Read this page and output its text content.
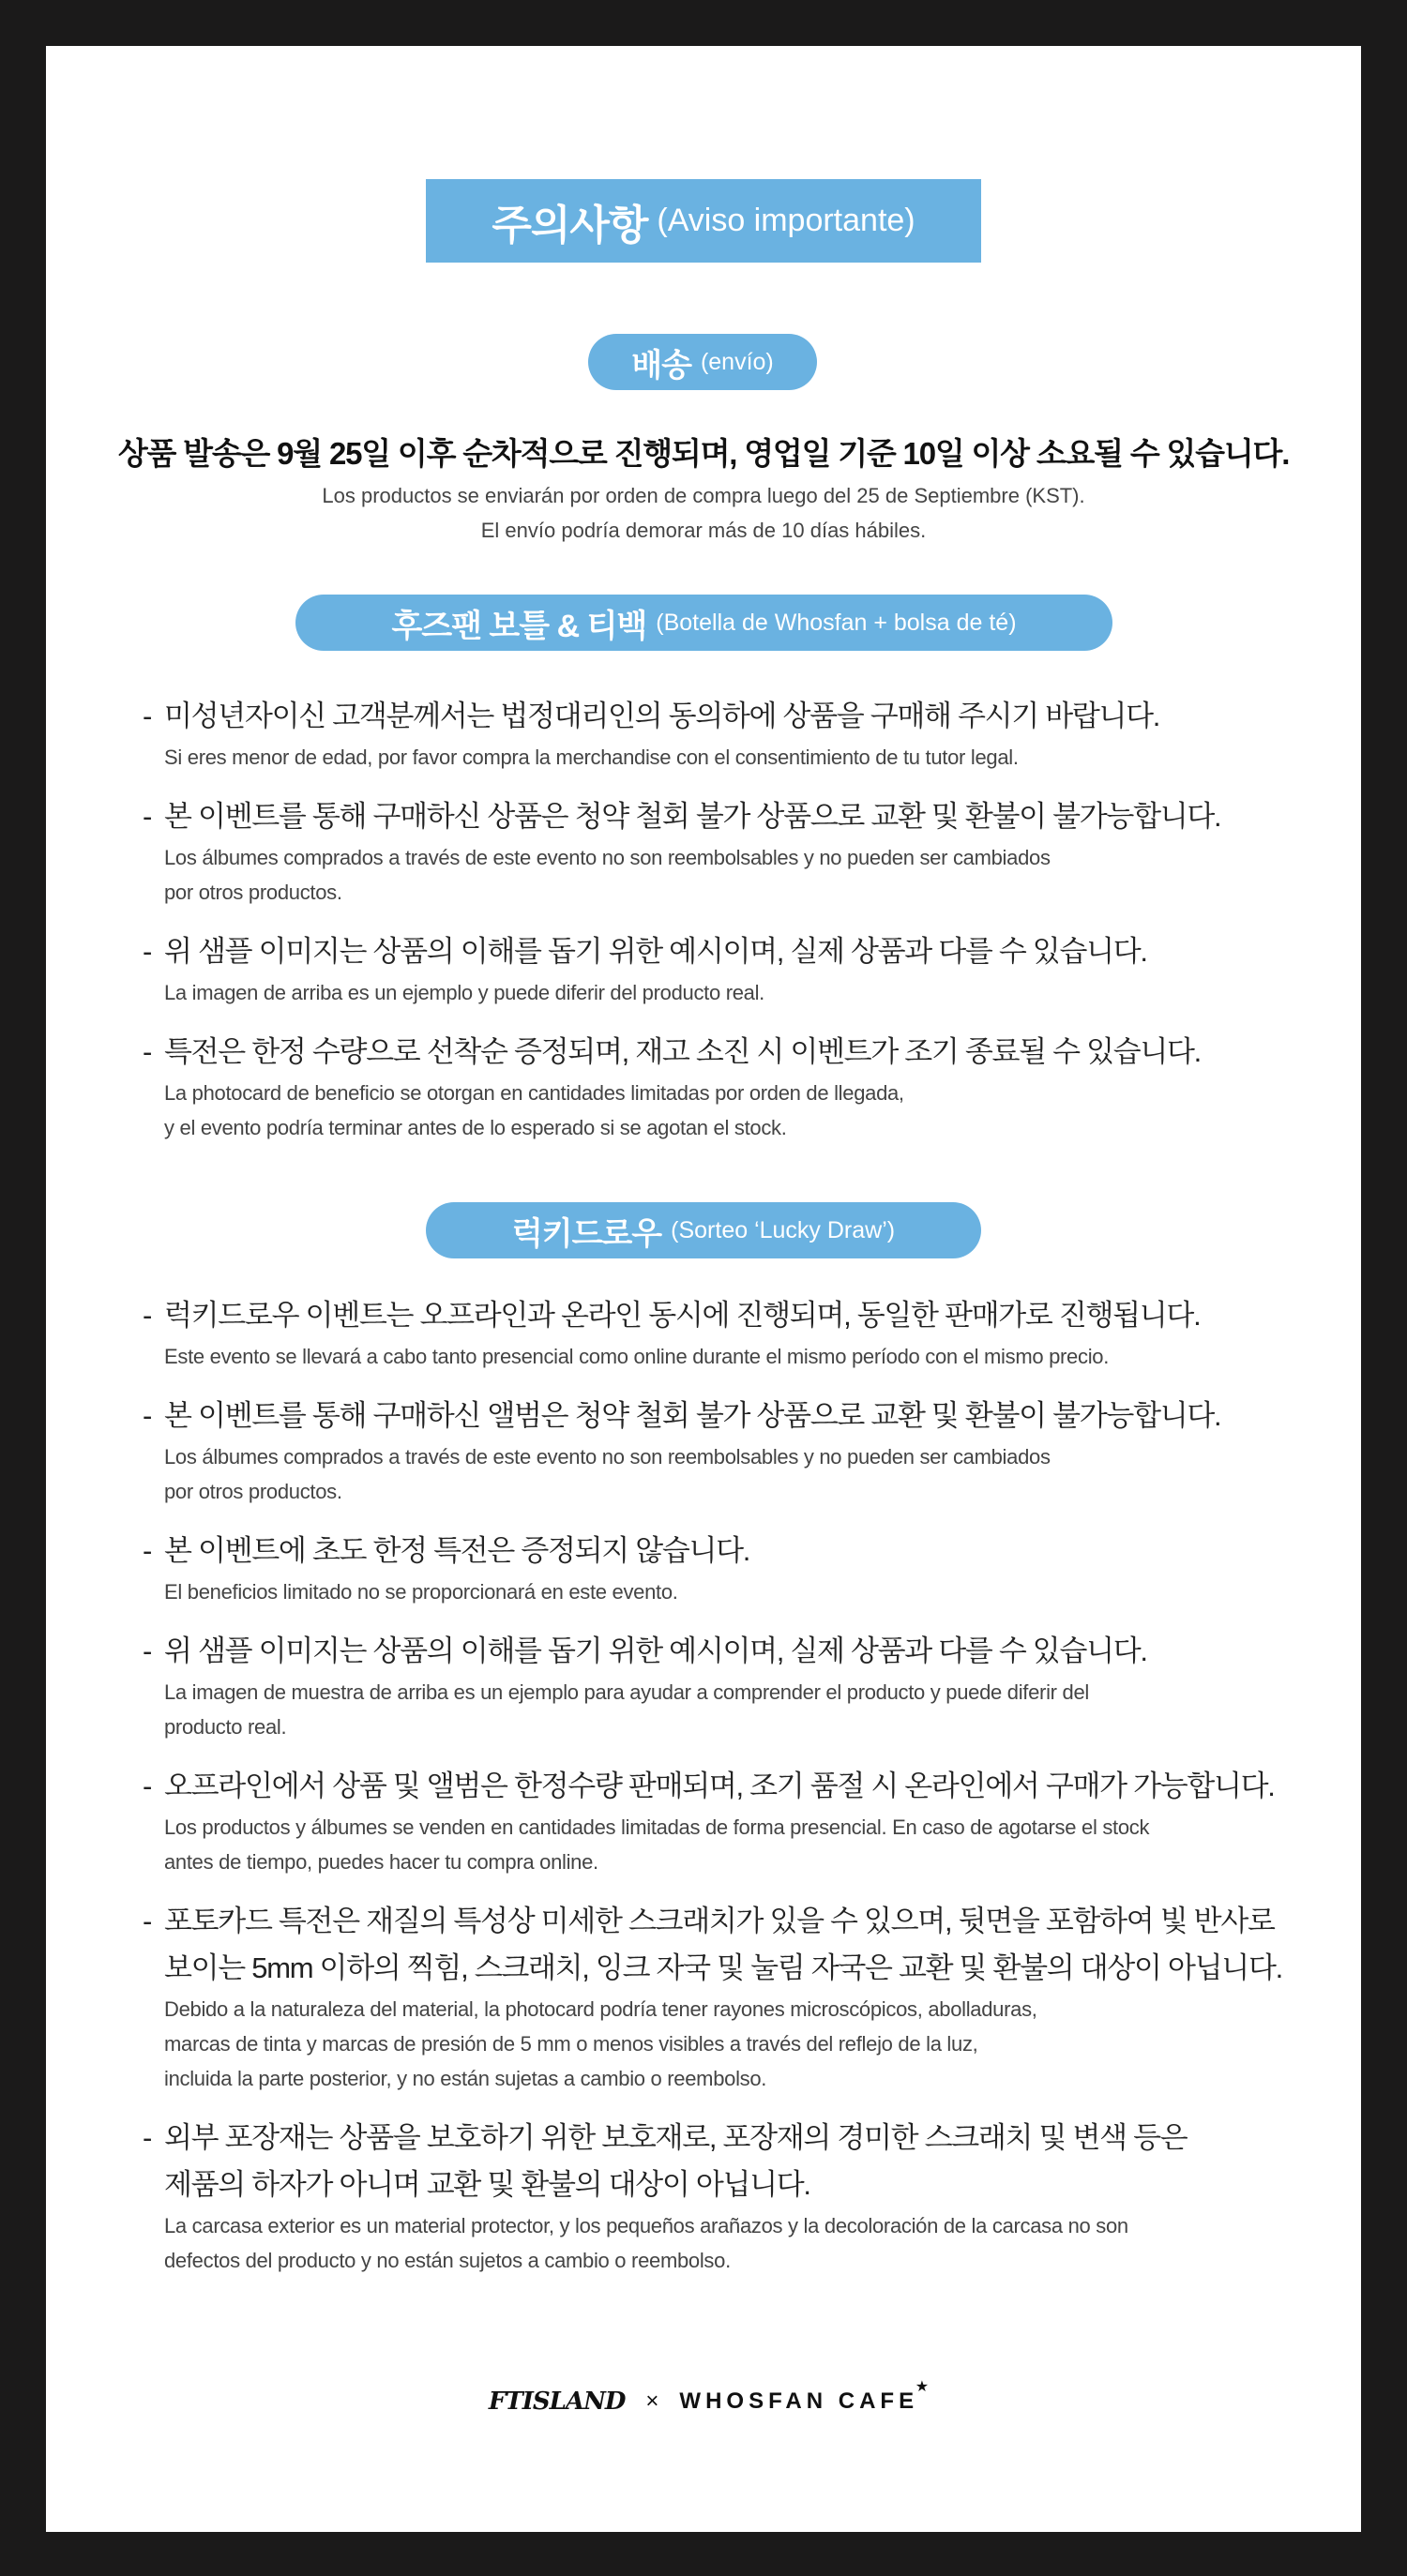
주의사항 (Aviso importante)
배송 (envío)
상품 발송은 9월 25일 이후 순차적으로 진행되며, 영업일 기준 10일 이상 소요될 수 있습니다.
Los productos se enviarán por orden de compra luego del 25 de Septiembre (KST).
El envío podría demorar más de 10 días hábiles.
후즈팬 보틀 & 티백 (Botella de Whosfan + bolsa de té)
- 미성년자이신 고객분께서는 법정대리인의 동의하에 상품을 구매해 주시기 바랍니다.
Si eres menor de edad, por favor compra la merchandise con el consentimiento de tu tutor legal.
- 본 이벤트를 통해 구매하신 상품은 청약 철회 불가 상품으로 교환 및 환불이 불가능합니다.
Los álbumes comprados a través de este evento no son reembolsables y no pueden ser cambiados
por otros productos.
- 위 샘플 이미지는 상품의 이해를 돕기 위한 예시이며, 실제 상품과 다를 수 있습니다.
La imagen de arriba es un ejemplo y puede diferir del producto real.
- 특전은 한정 수량으로 선착순 증정되며, 재고 소진 시 이벤트가 조기 종료될 수 있습니다.
La photocard de beneficio se otorgan en cantidades limitadas por orden de llegada,
y el evento podría terminar antes de lo esperado si se agotan el stock.
럭키드로우 (Sorteo ‘Lucky Draw’)
- 럭키드로우 이벤트는 오프라인과 온라인 동시에 진행되며, 동일한 판매가로 진행됩니다.
Este evento se llevará a cabo tanto presencial como online durante el mismo período con el mismo precio.
- 본 이벤트를 통해 구매하신 앨범은 청약 철회 불가 상품으로 교환 및 환불이 불가능합니다.
Los álbumes comprados a través de este evento no son reembolsables y no pueden ser cambiados
por otros productos.
- 본 이벤트에 초도 한정 특전은 증정되지 않습니다.
El beneficios limitado no se proporcionará en este evento.
- 위 샘플 이미지는 상품의 이해를 돕기 위한 예시이며, 실제 상품과 다를 수 있습니다.
La imagen de muestra de arriba es un ejemplo para ayudar a comprender el producto y puede diferir del
producto real.
- 오프라인에서 상품 및 앨범은 한정수량 판매되며, 조기 품절 시 온라인에서 구매가 가능합니다.
Los productos y álbumes se venden en cantidades limitadas de forma presencial. En caso de agotarse el stock
antes de tiempo, puedes hacer tu compra online.
- 포토카드 특전은 재질의 특성상 미세한 스크래치가 있을 수 있으며, 뒷면을 포함하여 빛 반사로
보이는 5mm 이하의 찍힘, 스크래치, 잉크 자국 및 눌림 자국은 교환 및 환불의 대상이 아닙니다.
Debido a la naturaleza del material, la photocard podría tener rayones microscópicos, abolladuras,
marcas de tinta y marcas de presión de 5 mm o menos visibles a través del reflejo de la luz,
incluida la parte posterior, y no están sujetas a cambio o reembolso.
- 외부 포장재는 상품을 보호하기 위한 보호재로, 포장재의 경미한 스크래치 및 변색 등은
제품의 하자가 아니며 교환 및 환불의 대상이 아닙니다.
La carcasa exterior es un material protector, y los pequeños arañazos y la decoloración de la carcasa no son
defectos del producto y no están sujetos a cambio o reembolso.
FTISLAND × WHOSFAN CAFE
★
